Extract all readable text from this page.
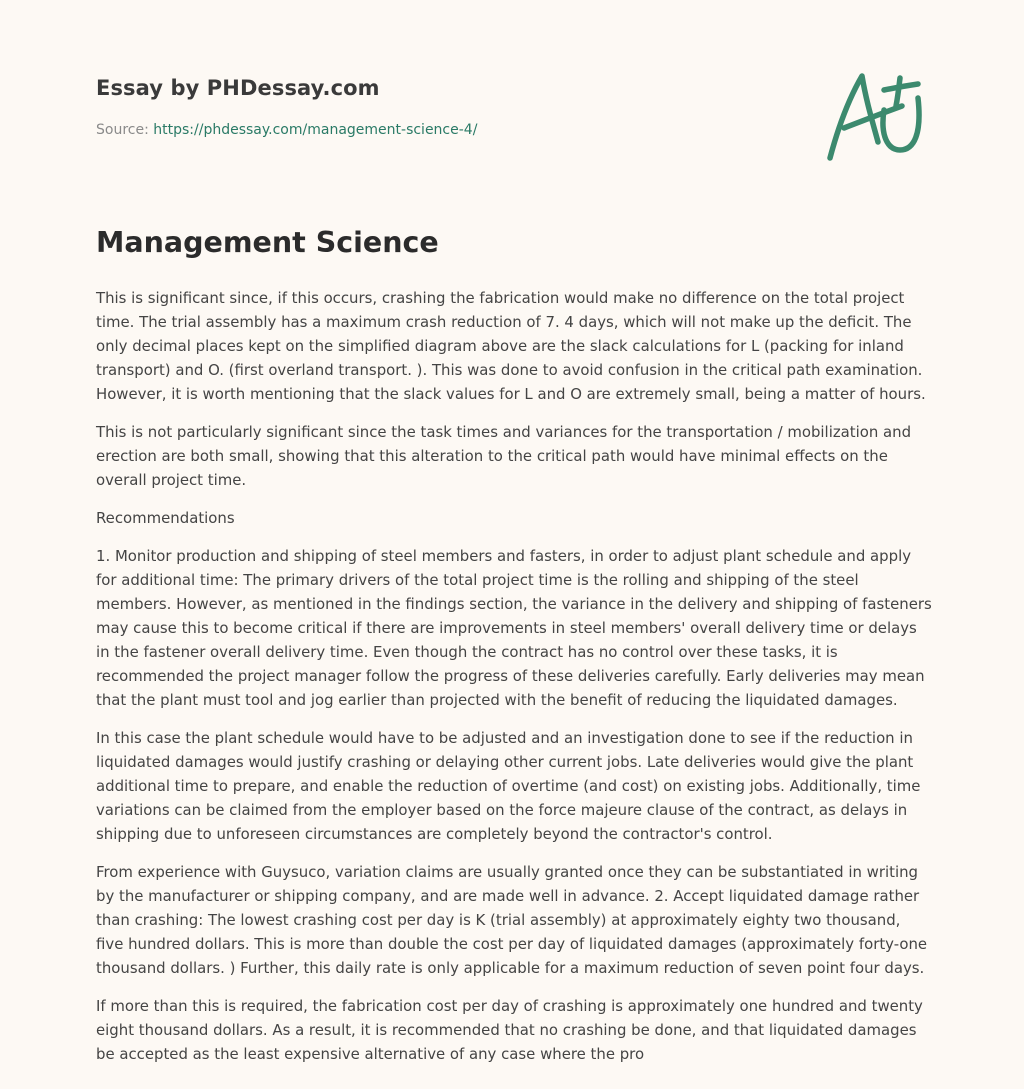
Essay by PHDessay.com
Source: https://phdessay.com/management-science-4/
Management Science

This is significant since, if this occurs, crashing the fabrication would make no difference on the total project time. The trial assembly has a maximum crash reduction of 7. 4 days, which will not make up the deficit. The only decimal places kept on the simplified diagram above are the slack calculations for L (packing for inland transport) and O. (first overland transport. ). This was done to avoid confusion in the critical path examination. However, it is worth mentioning that the slack values for L and O are extremely small, being a matter of hours.

This is not particularly significant since the task times and variances for the transportation / mobilization and erection are both small, showing that this alteration to the critical path would have minimal effects on the overall project time.

Recommendations

1. Monitor production and shipping of steel members and fasters, in order to adjust plant schedule and apply for additional time: The primary drivers of the total project time is the rolling and shipping of the steel members. However, as mentioned in the findings section, the variance in the delivery and shipping of fasteners may cause this to become critical if there are improvements in steel members' overall delivery time or delays in the fastener overall delivery time. Even though the contract has no control over these tasks, it is recommended the project manager follow the progress of these deliveries carefully. Early deliveries may mean that the plant must tool and jog earlier than projected with the benefit of reducing the liquidated damages.

In this case the plant schedule would have to be adjusted and an investigation done to see if the reduction in liquidated damages would justify crashing or delaying other current jobs. Late deliveries would give the plant additional time to prepare, and enable the reduction of overtime (and cost) on existing jobs. Additionally, time variations can be claimed from the employer based on the force majeure clause of the contract, as delays in shipping due to unforeseen circumstances are completely beyond the contractor's control.

From experience with Guysuco, variation claims are usually granted once they can be substantiated in writing by the manufacturer or shipping company, and are made well in advance. 2. Accept liquidated damage rather than crashing: The lowest crashing cost per day is K (trial assembly) at approximately eighty two thousand, five hundred dollars. This is more than double the cost per day of liquidated damages (approximately forty-one thousand dollars. ) Further, this daily rate is only applicable for a maximum reduction of seven point four days.

If more than this is required, the fabrication cost per day of crashing is approximately one hundred and twenty eight thousand dollars. As a result, it is recommended that no crashing be done, and that liquidated damages be accepted as the least expensive alternative of any case where the pro
